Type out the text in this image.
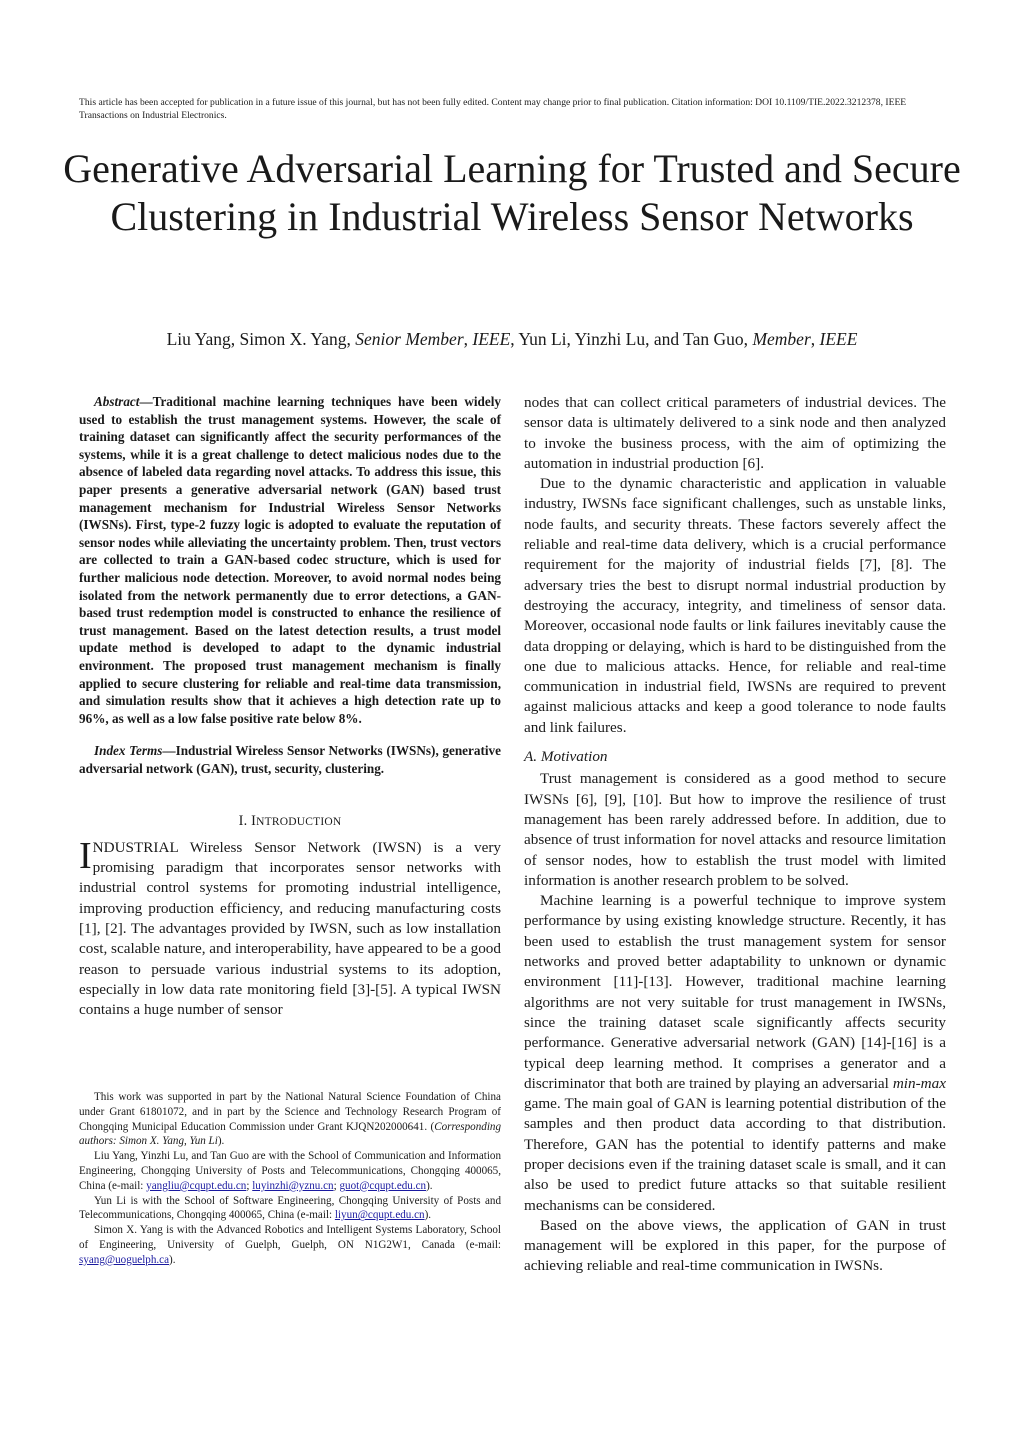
This article has been accepted for publication in a future issue of this journal, but has not been fully edited. Content may change prior to final publication. Citation information: DOI 10.1109/TIE.2022.3212378, IEEE Transactions on Industrial Electronics.
Generative Adversarial Learning for Trusted and Secure Clustering in Industrial Wireless Sensor Networks
Liu Yang, Simon X. Yang, Senior Member, IEEE, Yun Li, Yinzhi Lu, and Tan Guo, Member, IEEE

Abstract—Traditional machine learning techniques have been widely used to establish the trust management systems. However, the scale of training dataset can significantly affect the security performances of the systems, while it is a great challenge to detect malicious nodes due to the absence of labeled data regarding novel attacks. To address this issue, this paper presents a generative adversarial network (GAN) based trust management mechanism for Industrial Wireless Sensor Networks (IWSNs). First, type-2 fuzzy logic is adopted to evaluate the reputation of sensor nodes while alleviating the uncertainty problem. Then, trust vectors are collected to train a GAN-based codec structure, which is used for further malicious node detection. Moreover, to avoid normal nodes being isolated from the network permanently due to error detections, a GAN-based trust redemption model is constructed to enhance the resilience of trust management. Based on the latest detection results, a trust model update method is developed to adapt to the dynamic industrial environment. The proposed trust management mechanism is finally applied to secure clustering for reliable and real-time data transmission, and simulation results show that it achieves a high detection rate up to 96%, as well as a low false positive rate below 8%.

Index Terms—Industrial Wireless Sensor Networks (IWSNs), generative adversarial network (GAN), trust, security, clustering.

I. INTRODUCTION

INDUSTRIAL Wireless Sensor Network (IWSN) is a very promising paradigm that incorporates sensor networks with industrial control systems for promoting industrial intelligence, improving production efficiency, and reducing manufacturing costs [1], [2]. The advantages provided by IWSN, such as low installation cost, scalable nature, and interoperability, have appeared to be a good reason to persuade various industrial systems to its adoption, especially in low data rate monitoring field [3]-[5]. A typical IWSN contains a huge number of sensor

This work was supported in part by the National Natural Science Foundation of China under Grant 61801072, and in part by the Science and Technology Research Program of Chongqing Municipal Education Commission under Grant KJQN202000641. (Corresponding authors: Simon X. Yang, Yun Li).

Liu Yang, Yinzhi Lu, and Tan Guo are with the School of Communication and Information Engineering, Chongqing University of Posts and Telecommunications, Chongqing 400065, China (e-mail: yangliu@cqupt.edu.cn; luyinzhi@yznu.cn; guot@cqupt.edu.cn).

Yun Li is with the School of Software Engineering, Chongqing University of Posts and Telecommunications, Chongqing 400065, China (e-mail: liyun@cqupt.edu.cn).

Simon X. Yang is with the Advanced Robotics and Intelligent Systems Laboratory, School of Engineering, University of Guelph, Guelph, ON N1G2W1, Canada (e-mail: syang@uoguelph.ca).

nodes that can collect critical parameters of industrial devices. The sensor data is ultimately delivered to a sink node and then analyzed to invoke the business process, with the aim of optimizing the automation in industrial production [6].

Due to the dynamic characteristic and application in valuable industry, IWSNs face significant challenges, such as unstable links, node faults, and security threats. These factors severely affect the reliable and real-time data delivery, which is a crucial performance requirement for the majority of industrial fields [7], [8]. The adversary tries the best to disrupt normal industrial production by destroying the accuracy, integrity, and timeliness of sensor data. Moreover, occasional node faults or link failures inevitably cause the data dropping or delaying, which is hard to be distinguished from the one due to malicious attacks. Hence, for reliable and real-time communication in industrial field, IWSNs are required to prevent against malicious attacks and keep a good tolerance to node faults and link failures.

A. Motivation

Trust management is considered as a good method to secure IWSNs [6], [9], [10]. But how to improve the resilience of trust management has been rarely addressed before. In addition, due to absence of trust information for novel attacks and resource limitation of sensor nodes, how to establish the trust model with limited information is another research problem to be solved.

Machine learning is a powerful technique to improve system performance by using existing knowledge structure. Recently, it has been used to establish the trust management system for sensor networks and proved better adaptability to unknown or dynamic environment [11]-[13]. However, traditional machine learning algorithms are not very suitable for trust management in IWSNs, since the training dataset scale significantly affects security performance. Generative adversarial network (GAN) [14]-[16] is a typical deep learning method. It comprises a generator and a discriminator that both are trained by playing an adversarial min-max game. The main goal of GAN is learning potential distribution of the samples and then product data according to that distribution. Therefore, GAN has the potential to identify patterns and make proper decisions even if the training dataset scale is small, and it can also be used to predict future attacks so that suitable resilient mechanisms can be considered.

Based on the above views, the application of GAN in trust management will be explored in this paper, for the purpose of achieving reliable and real-time communication in IWSNs.
